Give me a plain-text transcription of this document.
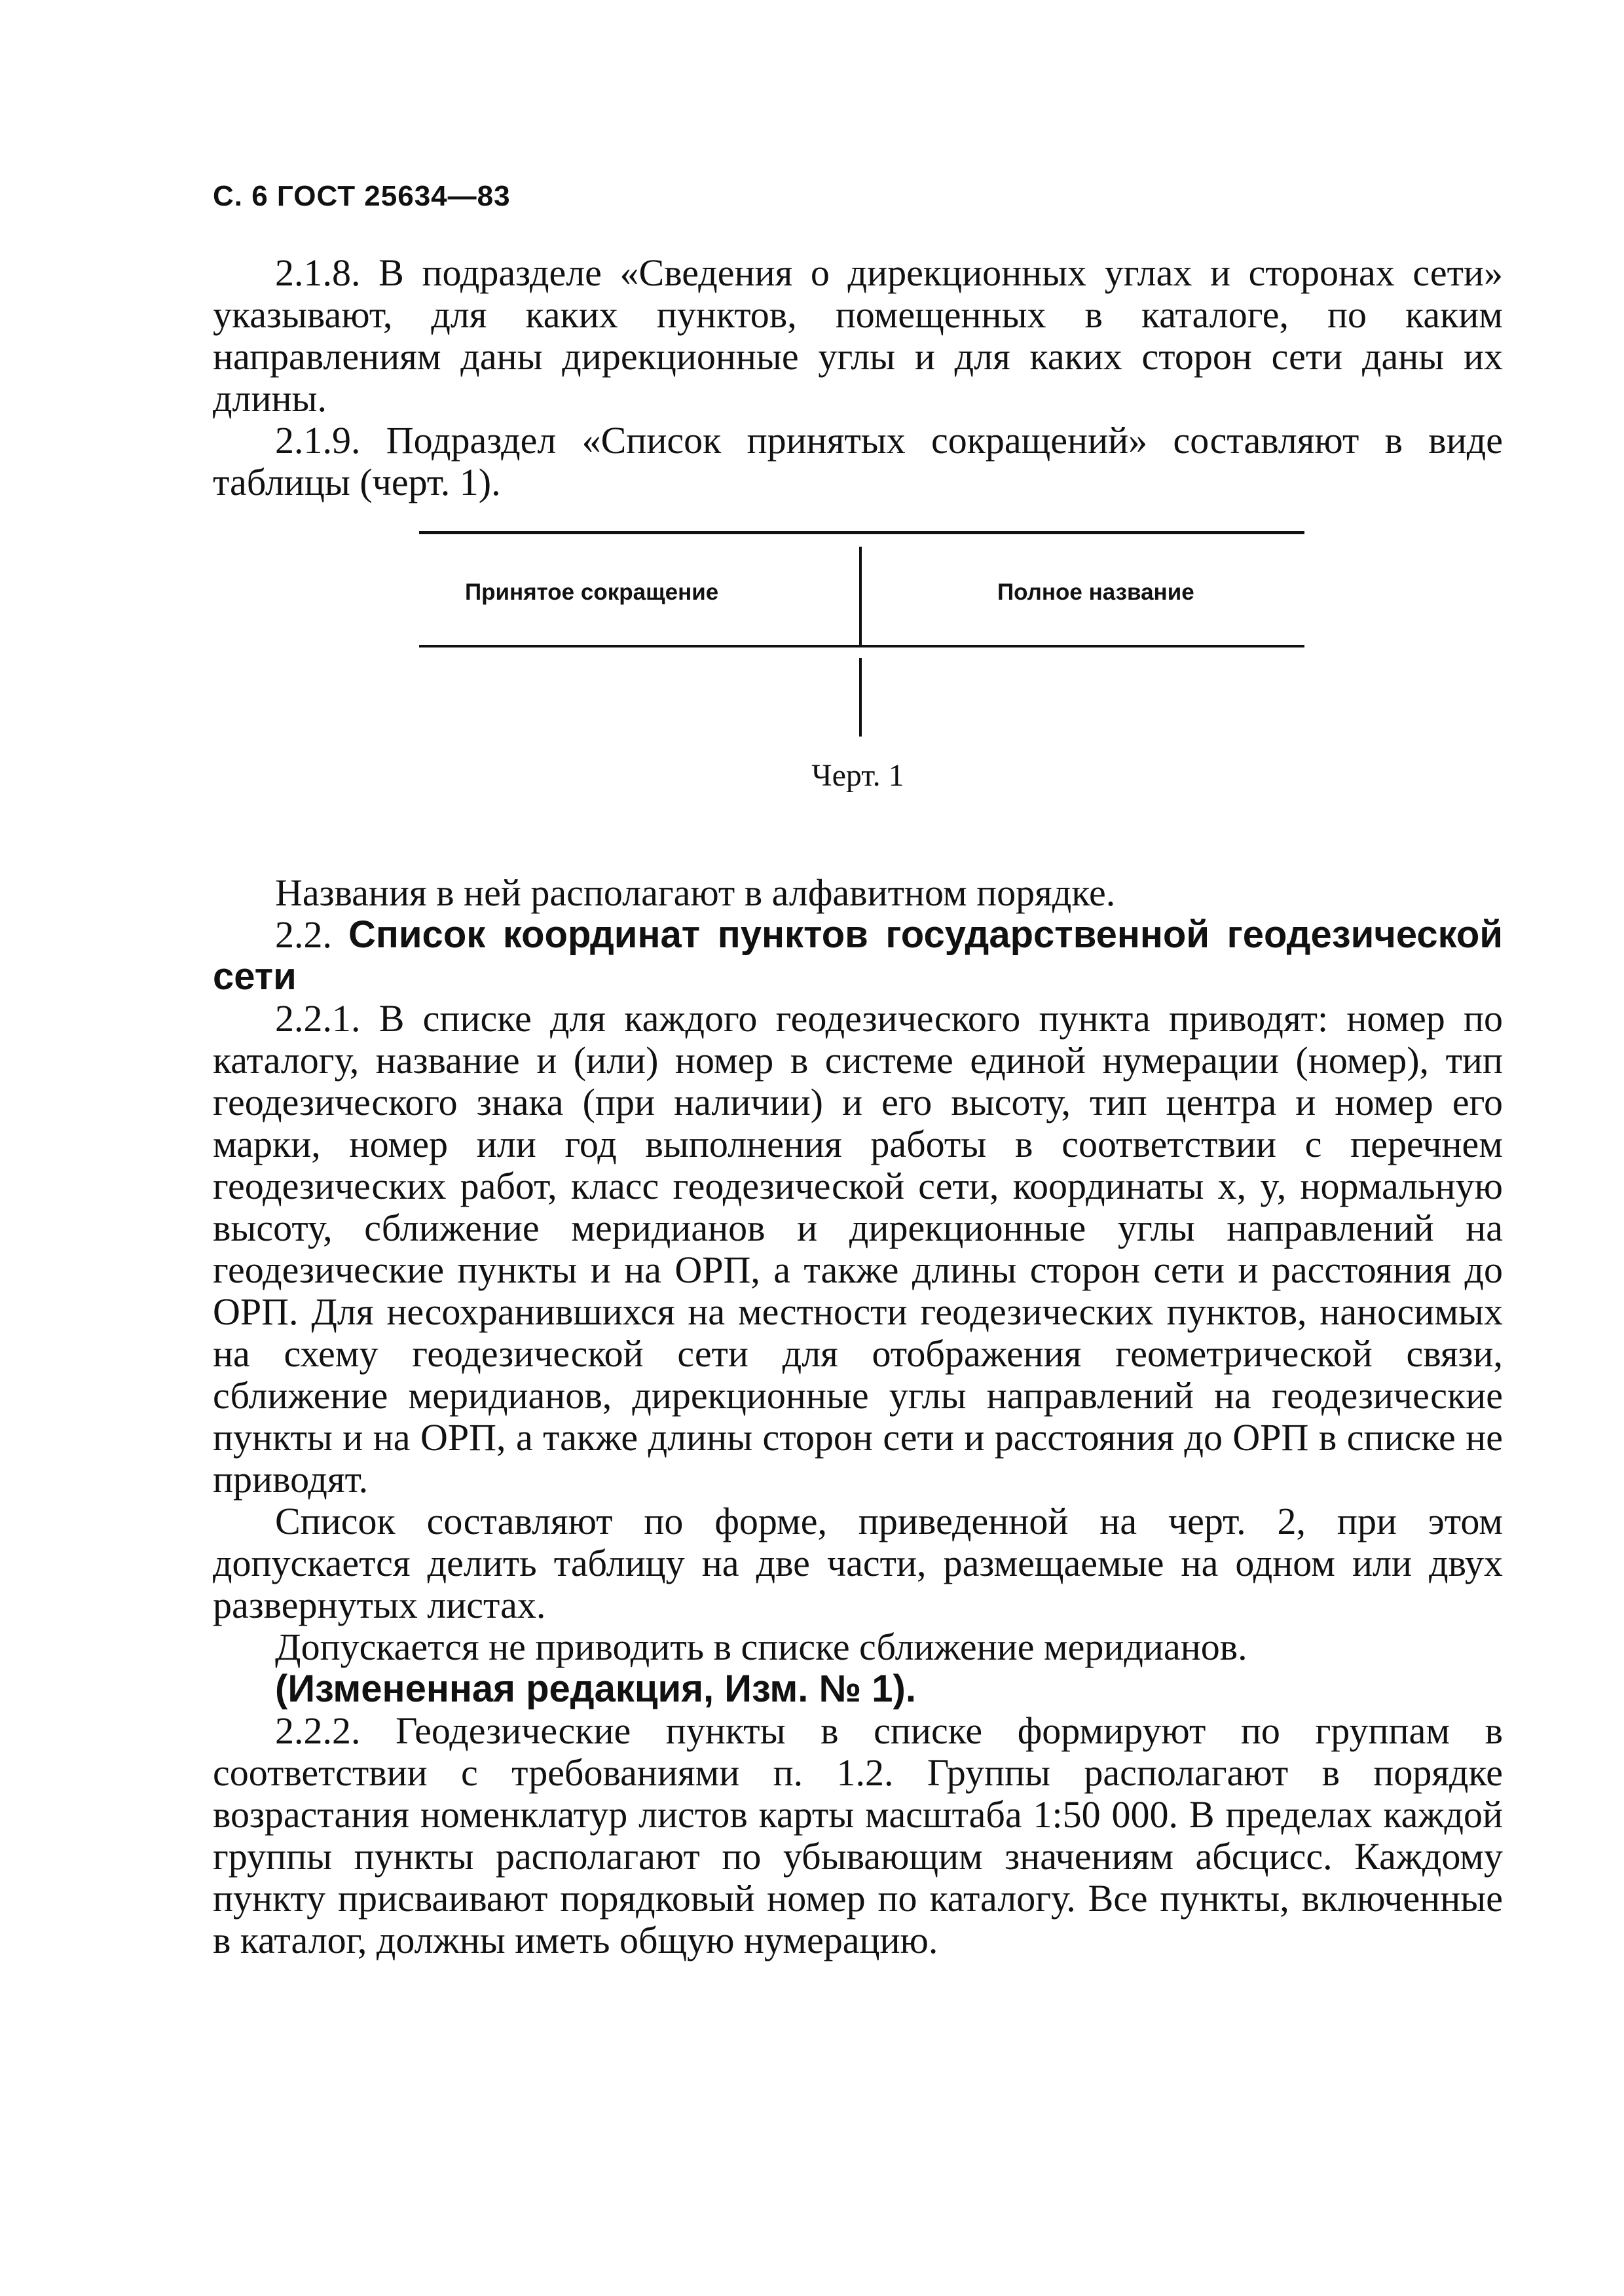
С. 6 ГОСТ 25634—83

2.1.8. В подразделе «Сведения о дирекционных углах и сторонах сети» указывают, для каких пунктов, помещенных в каталоге, по каким направлениям даны дирекционные углы и для каких сторон сети даны их длины.

2.1.9. Подраздел «Список принятых сокращений» составляют в виде таблицы (черт. 1).

Принятое сокращение	Полное название
Черт. 1

Названия в ней располагают в алфавитном порядке.

2.2. Список координат пунктов государственной геодезической сети

2.2.1. В списке для каждого геодезического пункта приводят: номер по каталогу, название и (или) номер в системе единой нумерации (номер), тип геодезического знака (при наличии) и его высоту, тип центра и номер его марки, номер или год выполнения работы в соответствии с перечнем геодезических работ, класс геодезической сети, координаты x, y, нормальную высоту, сближение меридианов и дирекционные углы направлений на геодезические пункты и на ОРП, а также длины сторон сети и расстояния до ОРП. Для несохранившихся на местности геодезических пунктов, наносимых на схему геодезической сети для отображения геометрической связи, сближение меридианов, дирекционные углы направлений на геодезические пункты и на ОРП, а также длины сторон сети и расстояния до ОРП в списке не приводят.

Список составляют по форме, приведенной на черт. 2, при этом допускается делить таблицу на две части, размещаемые на одном или двух развернутых листах.

Допускается не приводить в списке сближение меридианов.

(Измененная редакция, Изм. № 1).

2.2.2. Геодезические пункты в списке формируют по группам в соответствии с требованиями п. 1.2. Группы располагают в порядке возрастания номенклатур листов карты масштаба 1:50 000. В пределах каждой группы пункты располагают по убывающим значениям абсцисс. Каждому пункту присваивают порядковый номер по каталогу. Все пункты, включенные в каталог, должны иметь общую нумерацию.
